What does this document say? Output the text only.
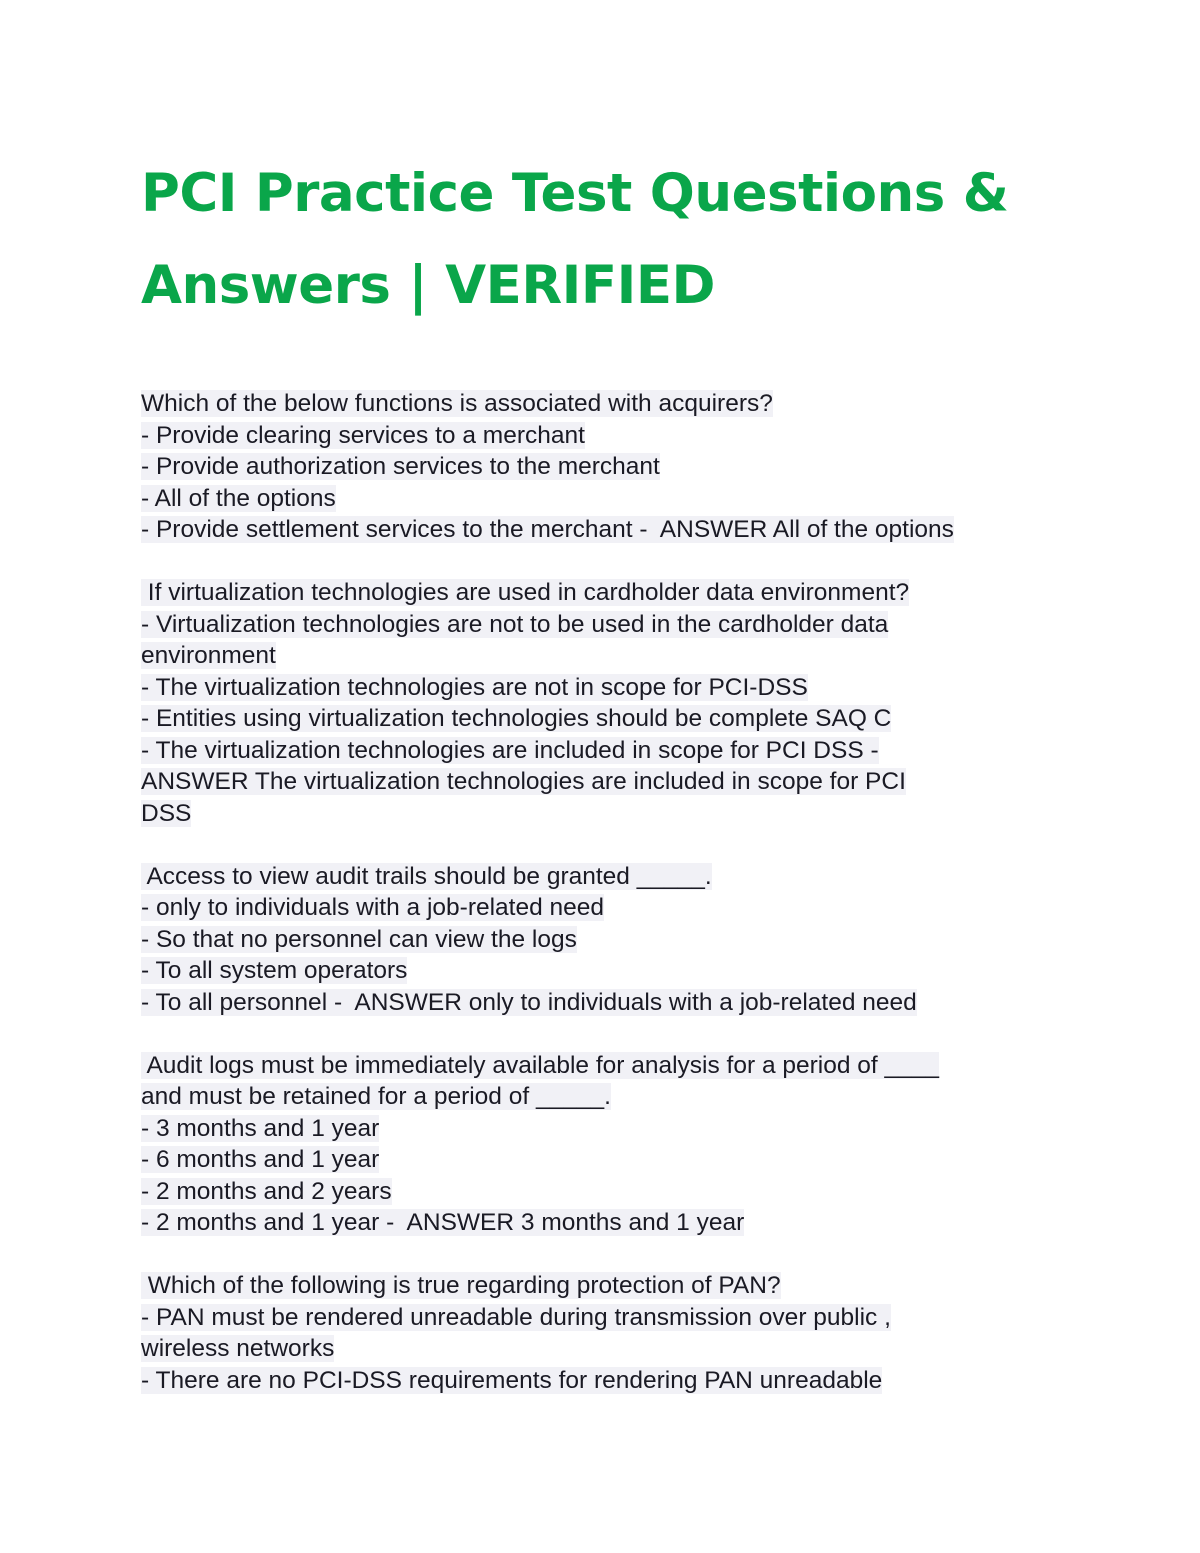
PCI Practice Test Questions &
Answers | VERIFIED
Which of the below functions is associated with acquirers?
- Provide clearing services to a merchant
- Provide authorization services to the merchant
- All of the options
- Provide settlement services to the merchant -  ANSWER All of the options
If virtualization technologies are used in cardholder data environment?
- Virtualization technologies are not to be used in the cardholder data
environment
- The virtualization technologies are not in scope for PCI-DSS
- Entities using virtualization technologies should be complete SAQ C
- The virtualization technologies are included in scope for PCI DSS -
ANSWER The virtualization technologies are included in scope for PCI
DSS
Access to view audit trails should be granted _____.
- only to individuals with a job-related need
- So that no personnel can view the logs
- To all system operators
- To all personnel -  ANSWER only to individuals with a job-related need
Audit logs must be immediately available for analysis for a period of ____
and must be retained for a period of _____.
- 3 months and 1 year
- 6 months and 1 year
- 2 months and 2 years
- 2 months and 1 year -  ANSWER 3 months and 1 year
Which of the following is true regarding protection of PAN?
- PAN must be rendered unreadable during transmission over public ,
wireless networks
- There are no PCI-DSS requirements for rendering PAN unreadable
